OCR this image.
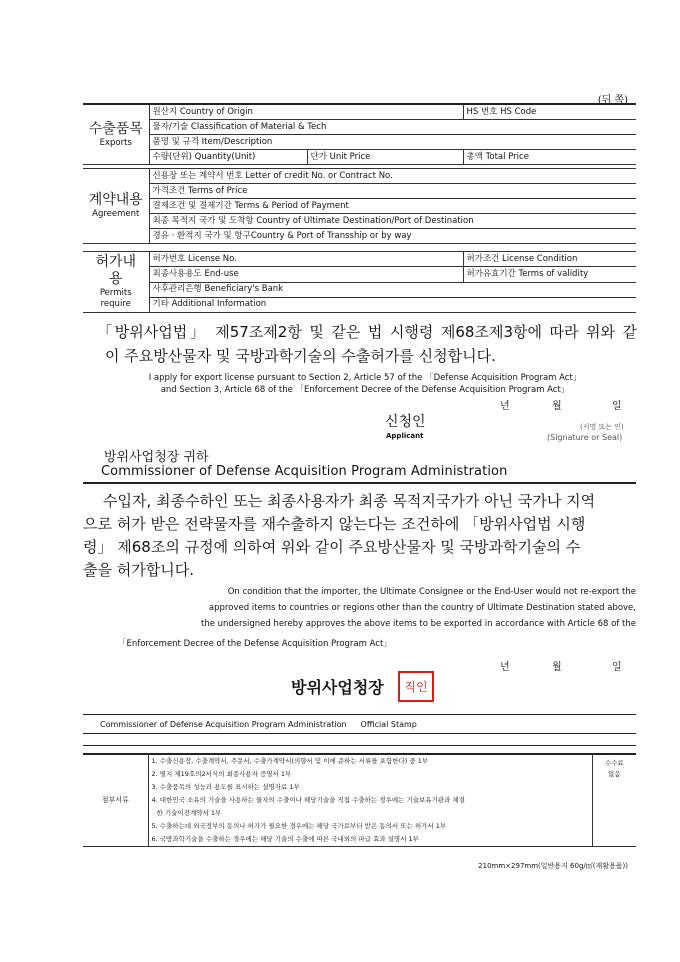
(뒤 쪽)
수출품목
Exports	원산지 Country of Origin		HS 번호 HS Code
	물자/기술 Classification of Material & Tech		
	품명 및 규격 Item/Description		
	수량(단위) Quantity(Unit)	단가 Unit Price	총액 Total Price
계약내용
Agreement
	신용장 또는 계약서 번호 Letter of credit No. or Contract No.
가격조건 Terms of Price
결제조건 및 결제기간 Terms & Period of Payment
최종 목적지 국가 및 도착항 Country of Ultimate Destination/Port of Destination
경유 · 환적지 국가 및 항구Country & Port of Transship or by way
허가내
용
Permits
require	허가번호 License No.	허가조건 License Condition
	최종사용용도 End-use	허가유효기간 Terms of validity
	사후관리은행 Beneficiary's Bank	
	기타 Additional Information	
「방위사업법」 제57조제2항 및 같은 법 시행령 제68조제3항에 따라 위와 같
이 주요방산물자 및 국방과학기술의 수출허가를 신청합니다.
I apply for export license pursuant to Section 2, Article 57 of the 「Defense Acquisition Program Act」
and Section 3, Article 68 of the 「Enforcement Decree of the Defense Acquisition Program Act」
년	월	일
신청인
Applicant
(서명 또는 인)
(Signature or Seal)
방위사업청장 귀하
Commissioner of Defense Acquisition Program Administration
수입자, 최종수하인 또는 최종사용자가 최종 목적지국가가 아닌 국가나 지역
으로 허가 받은 전략물자를 재수출하지 않는다는 조건하에 「방위사업법 시행
령」 제68조의 규정에 의하여 위와 같이 주요방산물자 및 국방과학기술의 수
출을 허가합니다.
On condition that the importer, the Ultimate Consignee or the End-User would not re-export the
approved items to countries or regions other than the country of Ultimate Destination stated above,
the undersigned hereby approves the above items to be exported in accordance with Article 68 of the
「Enforcement Decree of the Defense Acquisition Program Act」
년	월	일
방위사업청장	직인
Commissioner of Defense Acquisition Program Administration Official Stamp
첨부서류	1. 수출신용장, 수출계약서, 주문서, 수출가계약서(의향서 및 이에 준하는 서류를 포함한다) 중 1부	수수료
없음

2. 별지 제19호의2서식의 최종사용자 증명서 1부
3. 수출품목의 성능과 용도를 표시하는 설명자료 1부
4. 대한민국 소유의 기술을 사용하는 물자의 수출이나 해당기술을 직접 수출하는 경우에는 기술보유기관과 체결
한 기술이전계약서 1부
5. 수출하는데 외국정부의 동의나 허가가 필요한 경우에는 해당 국가로부터 받은 동의서 또는 허가서 1부
6. 국방과학기술을 수출하는 경우에는 해당 기술의 수출에 따른 국내외의 파급 효과 설명서 1부
210mm×297mm(일반용지 60g/㎡(재활용품))
